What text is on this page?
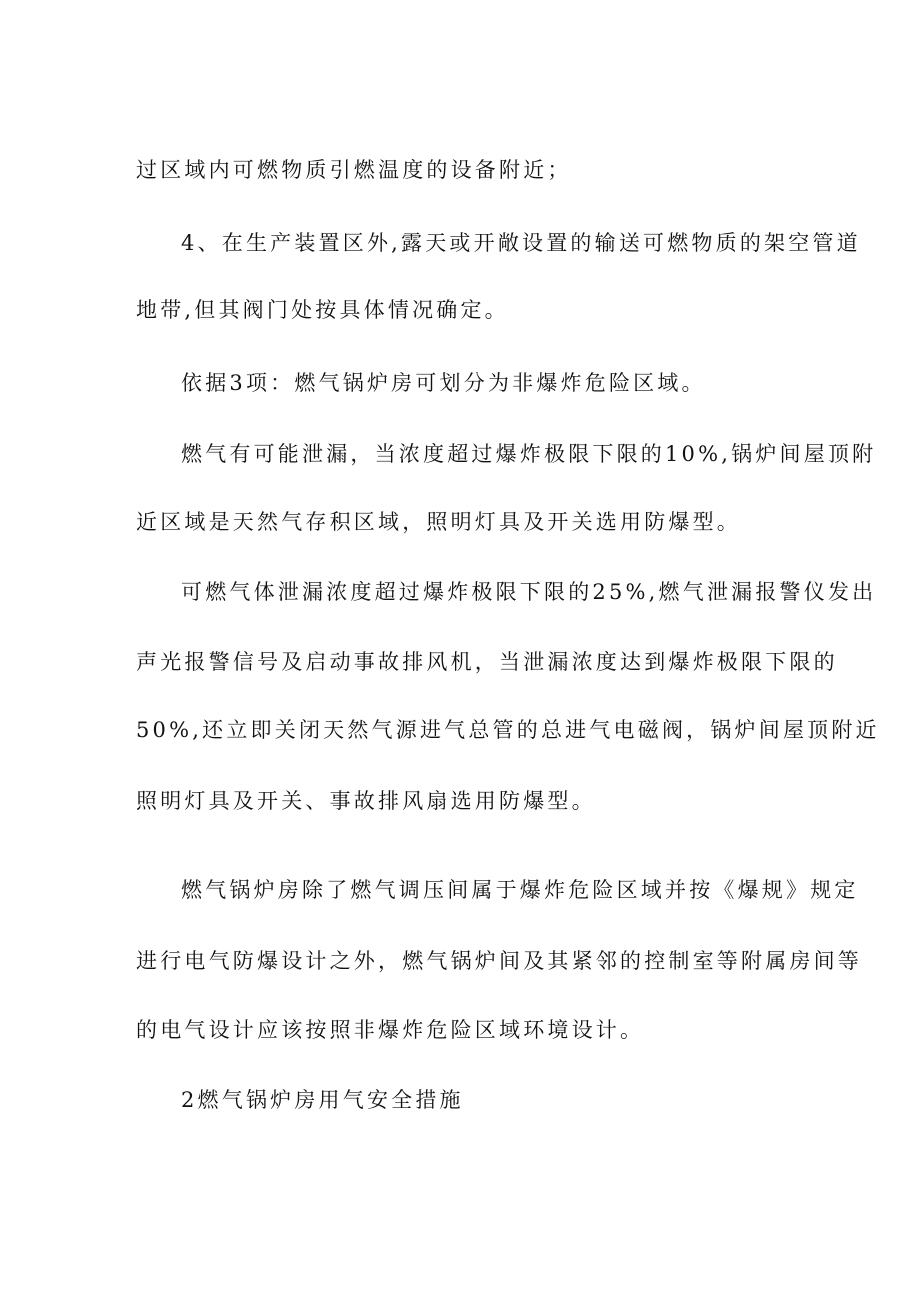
过区域内可燃物质引燃温度的设备附近；
4、在生产装置区外,露天或开敞设置的输送可燃物质的架空管道
地带,但其阀门处按具体情况确定。
依据3项：燃气锅炉房可划分为非爆炸危险区域。
燃气有可能泄漏，当浓度超过爆炸极限下限的10%,锅炉间屋顶附
近区域是天然气存积区域，照明灯具及开关选用防爆型。
可燃气体泄漏浓度超过爆炸极限下限的25%,燃气泄漏报警仪发出
声光报警信号及启动事故排风机，当泄漏浓度达到爆炸极限下限的
50%,还立即关闭天然气源进气总管的总进气电磁阀，锅炉间屋顶附近
照明灯具及开关、事故排风扇选用防爆型。
燃气锅炉房除了燃气调压间属于爆炸危险区域并按《爆规》规定
进行电气防爆设计之外，燃气锅炉间及其紧邻的控制室等附属房间等
的电气设计应该按照非爆炸危险区域环境设计。
2燃气锅炉房用气安全措施
